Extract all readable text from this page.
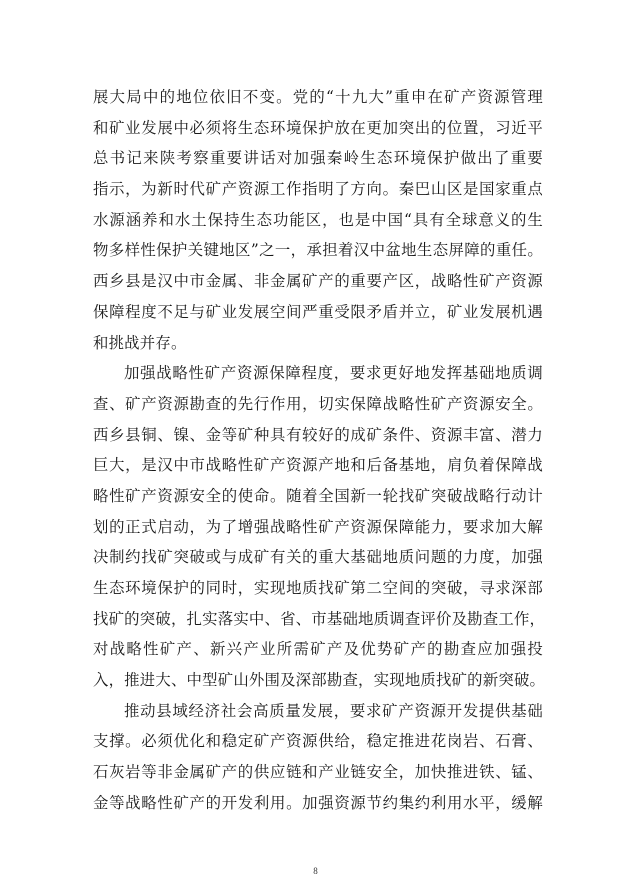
展大局中的地位依旧不变。党的“十九大”重申在矿产资源管理
和矿业发展中必须将生态环境保护放在更加突出的位置，习近平
总书记来陕考察重要讲话对加强秦岭生态环境保护做出了重要
指示，为新时代矿产资源工作指明了方向。秦巴山区是国家重点
水源涵养和水土保持生态功能区，也是中国“具有全球意义的生
物多样性保护关键地区”之一，承担着汉中盆地生态屏障的重任。
西乡县是汉中市金属、非金属矿产的重要产区，战略性矿产资源
保障程度不足与矿业发展空间严重受限矛盾并立，矿业发展机遇
和挑战并存。
加强战略性矿产资源保障程度，要求更好地发挥基础地质调
查、矿产资源勘查的先行作用，切实保障战略性矿产资源安全。
西乡县铜、镍、金等矿种具有较好的成矿条件、资源丰富、潜力
巨大，是汉中市战略性矿产资源产地和后备基地，肩负着保障战
略性矿产资源安全的使命。随着全国新一轮找矿突破战略行动计
划的正式启动，为了增强战略性矿产资源保障能力，要求加大解
决制约找矿突破或与成矿有关的重大基础地质问题的力度，加强
生态环境保护的同时，实现地质找矿第二空间的突破，寻求深部
找矿的突破，扎实落实中、省、市基础地质调查评价及勘查工作，
对战略性矿产、新兴产业所需矿产及优势矿产的勘查应加强投
入，推进大、中型矿山外围及深部勘查，实现地质找矿的新突破。
推动县域经济社会高质量发展，要求矿产资源开发提供基础
支撑。必须优化和稳定矿产资源供给，稳定推进花岗岩、石膏、
石灰岩等非金属矿产的供应链和产业链安全，加快推进铁、锰、
金等战略性矿产的开发利用。加强资源节约集约利用水平，缓解
8
